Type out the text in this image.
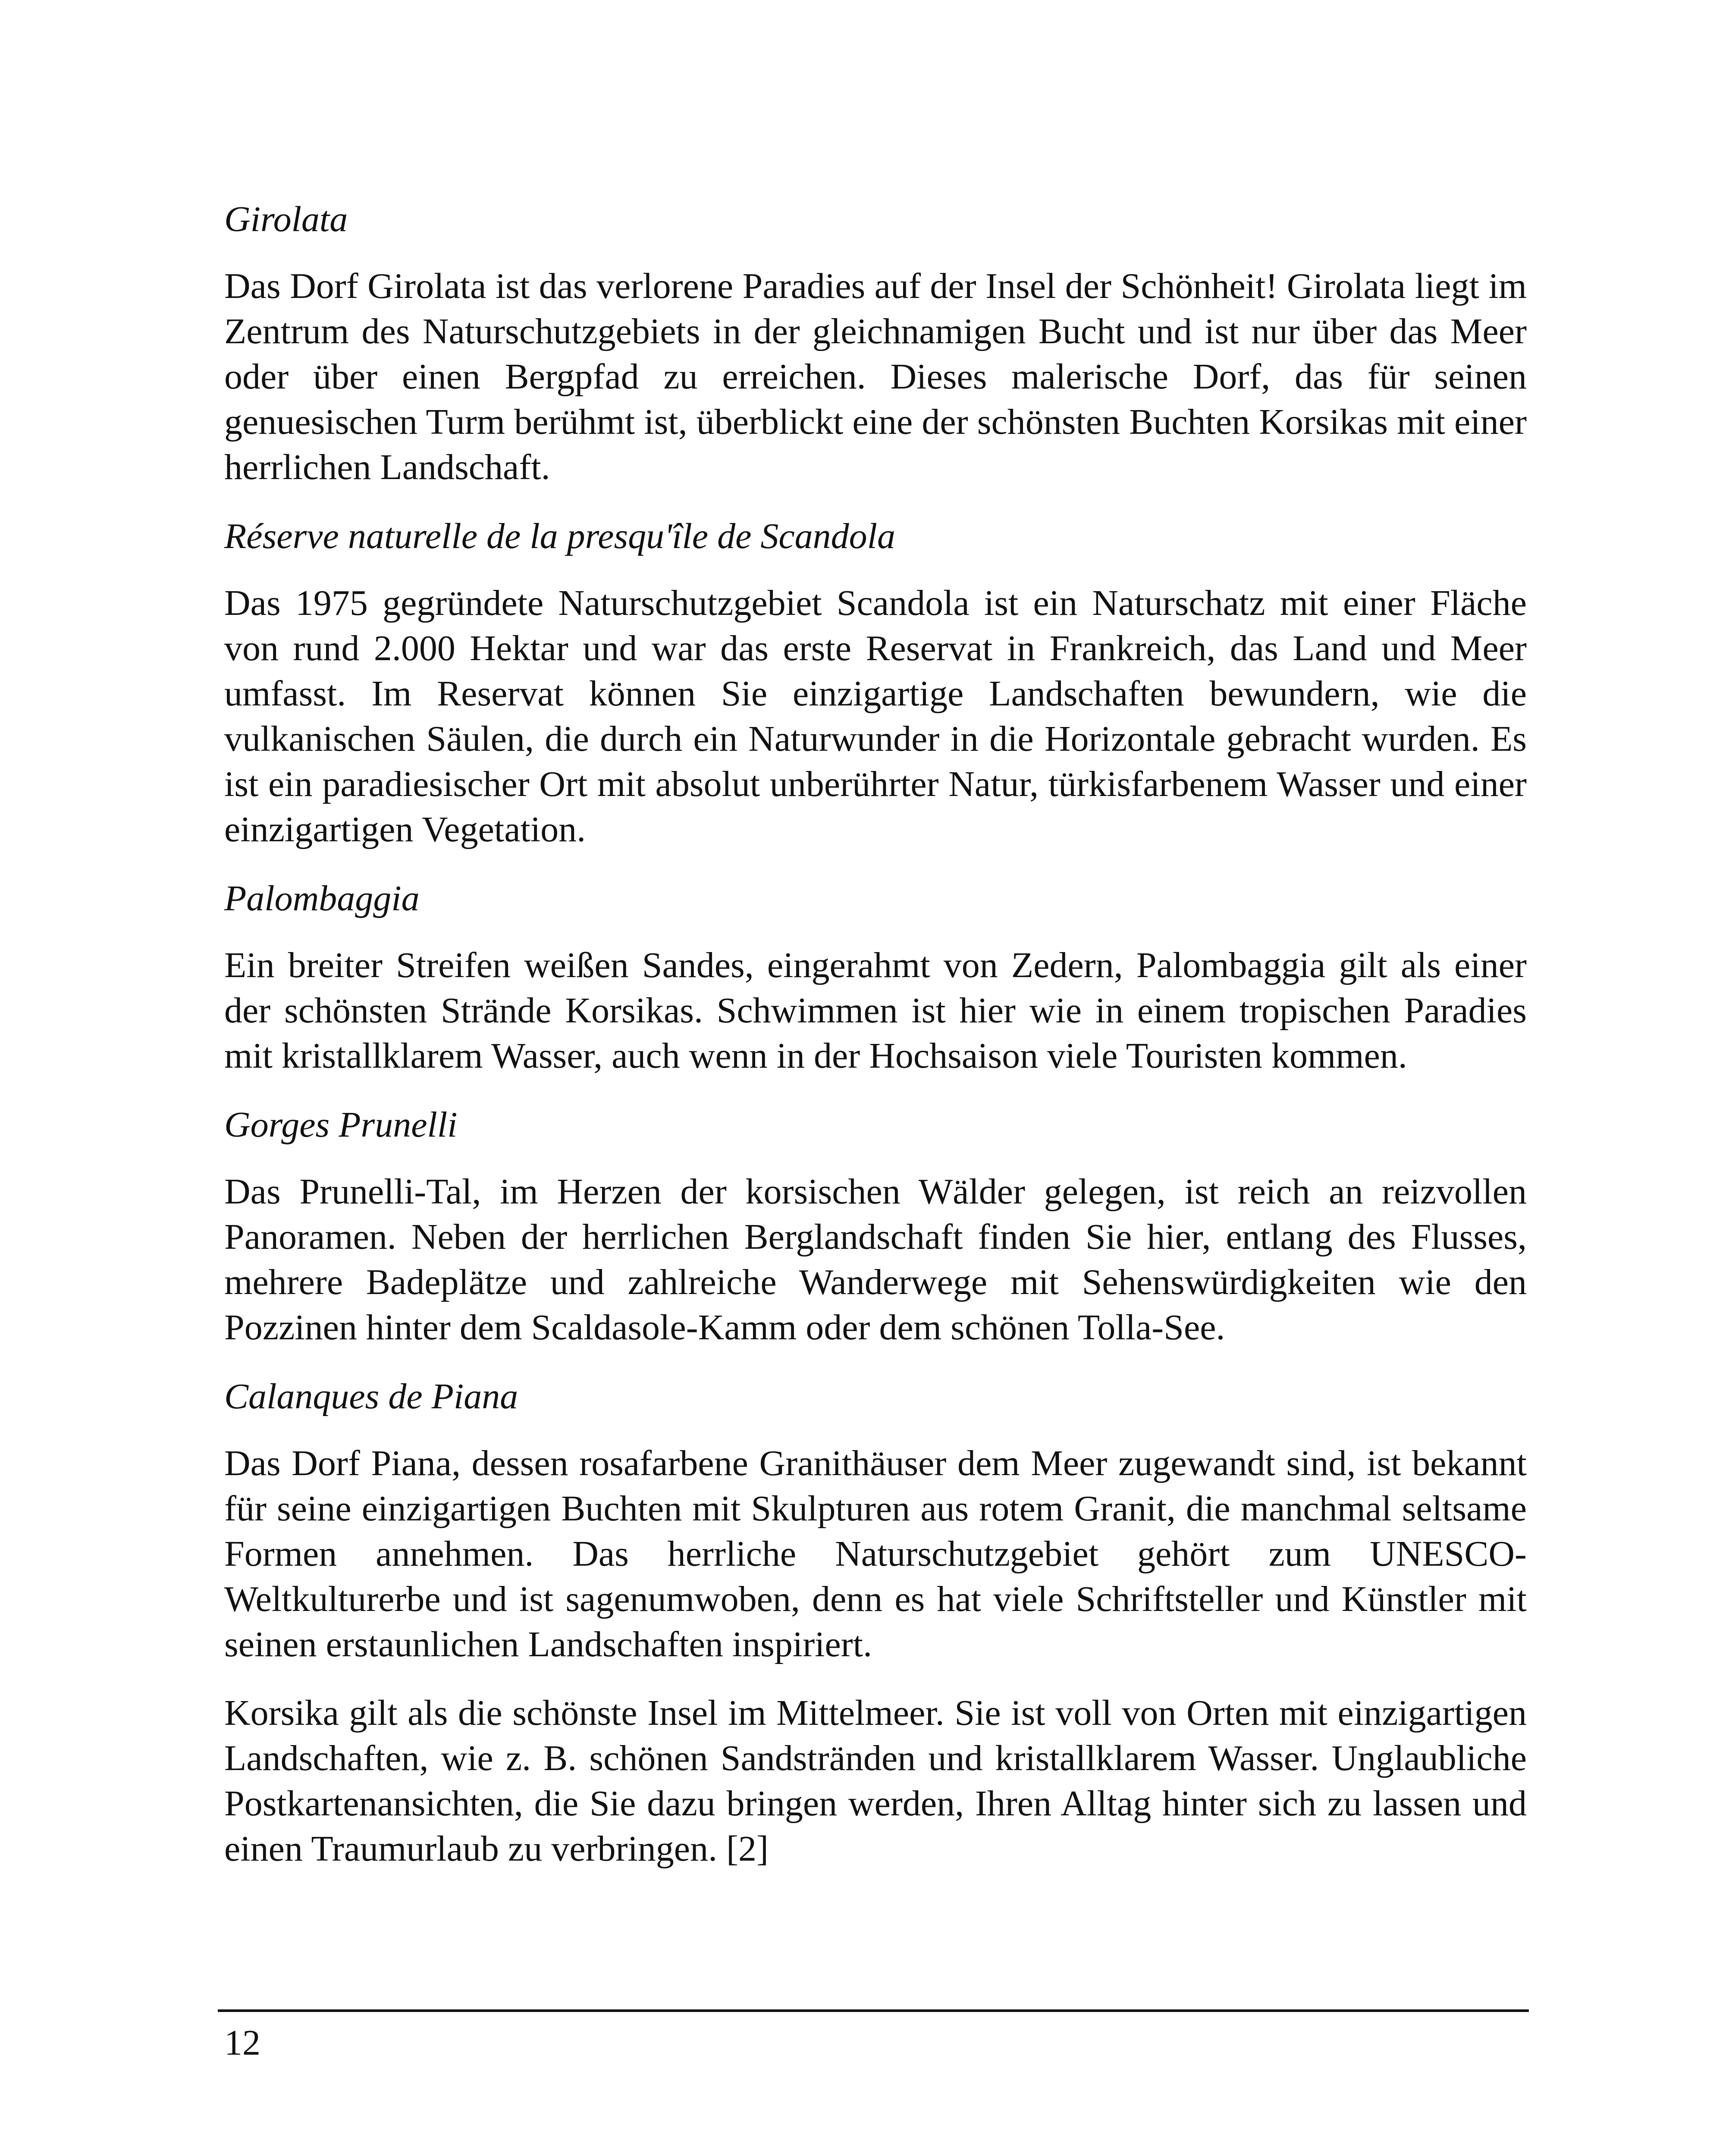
Girolata

Das Dorf Girolata ist das verlorene Paradies auf der Insel der Schönheit! Girolata liegt im Zentrum des Naturschutzgebiets in der gleichnamigen Bucht und ist nur über das Meer oder über einen Bergpfad zu erreichen. Dieses malerische Dorf, das für seinen genuesischen Turm berühmt ist, überblickt eine der schönsten Buchten Korsikas mit einer herrlichen Landschaft.

Réserve naturelle de la presqu'île de Scandola

Das 1975 gegründete Naturschutzgebiet Scandola ist ein Naturschatz mit einer Fläche von rund 2.000 Hektar und war das erste Reservat in Frankreich, das Land und Meer umfasst. Im Reservat können Sie einzigartige Landschaften bewundern, wie die vulkanischen Säulen, die durch ein Naturwunder in die Horizontale gebracht wurden. Es ist ein paradiesischer Ort mit absolut unberührter Natur, türkisfarbenem Wasser und einer einzigartigen Vegetation.

Palombaggia

Ein breiter Streifen weißen Sandes, eingerahmt von Zedern, Palombaggia gilt als einer der schönsten Strände Korsikas. Schwimmen ist hier wie in einem tropischen Paradies mit kristallklarem Wasser, auch wenn in der Hochsaison viele Touristen kommen.

Gorges Prunelli

Das Prunelli-Tal, im Herzen der korsischen Wälder gelegen, ist reich an reizvollen Panoramen. Neben der herrlichen Berglandschaft finden Sie hier, entlang des Flusses, mehrere Badeplätze und zahlreiche Wanderwege mit Sehenswürdigkeiten wie den Pozzinen hinter dem Scaldasole-Kamm oder dem schönen Tolla-See.

Calanques de Piana

Das Dorf Piana, dessen rosafarbene Granithäuser dem Meer zugewandt sind, ist bekannt für seine einzigartigen Buchten mit Skulpturen aus rotem Granit, die manchmal seltsame Formen annehmen. Das herrliche Naturschutzgebiet gehört zum UNESCO-Weltkulturerbe und ist sagenumwoben, denn es hat viele Schriftsteller und Künstler mit seinen erstaunlichen Landschaften inspiriert.

Korsika gilt als die schönste Insel im Mittelmeer. Sie ist voll von Orten mit einzigartigen Landschaften, wie z. B. schönen Sandstränden und kristallklarem Wasser. Unglaubliche Postkartenansichten, die Sie dazu bringen werden, Ihren Alltag hinter sich zu lassen und einen Traumurlaub zu verbringen. [2]

12
